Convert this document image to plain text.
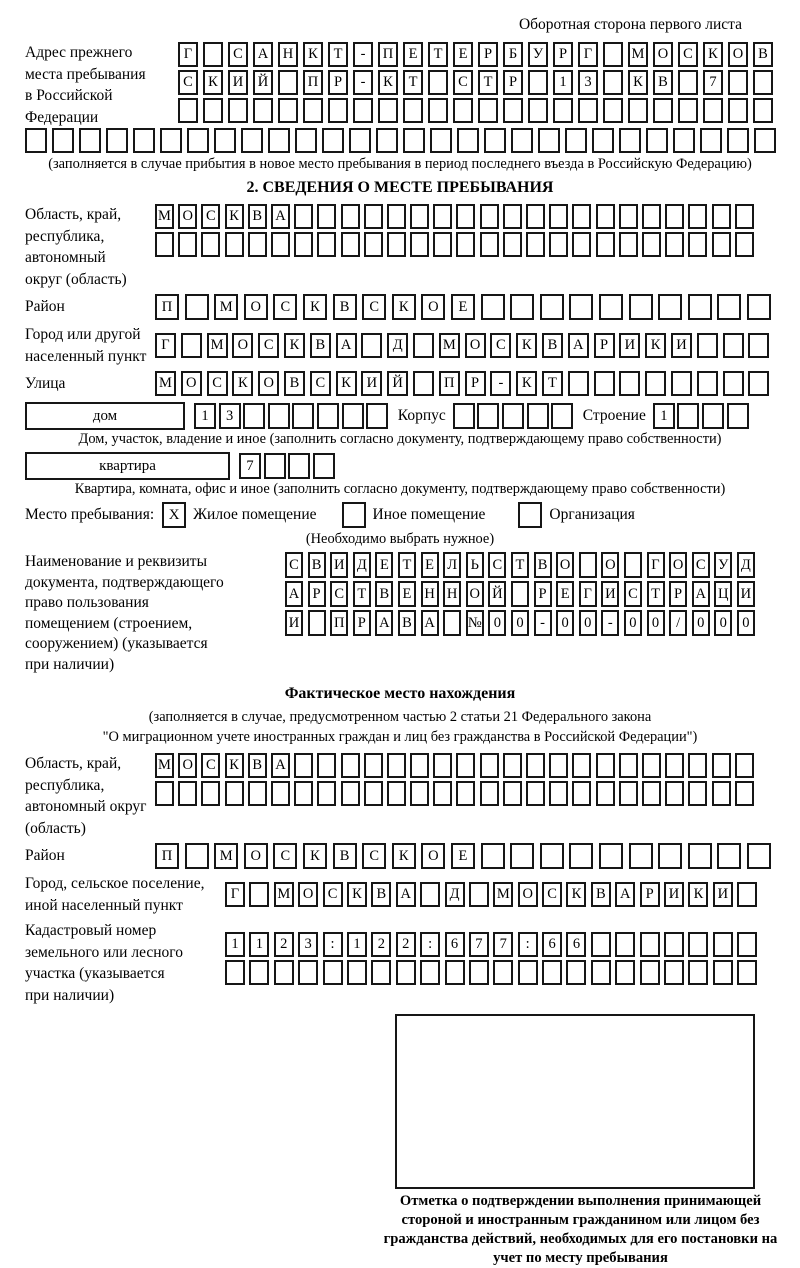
Оборотная сторона первого листа
Адрес прежнего
места пребывания
в Российской
Федерации
Г	С	А	Н	К	Т	-	П	Е	Т	Е	Р	Б	У	Р	Г	М О	С	К	О	В
С	К	И	Й	П	Р	-	К	Т	С	Т	Р	1	3	К	В	7
(заполняется в случае прибытия в новое место пребывания в период последнего въезда в Российскую Федерацию)
2. СВЕДЕНИЯ О МЕСТЕ ПРЕБЫВАНИЯ
Область, край,
республика,
автономный
округ (область)
М О С К В А
Район	П	М	О	С	К	В	С	К	О	Е
Город или другой
населенный пункт
Г	М О	С	К	В	А	Д	М О	С	К	В	А	Р	И	К	И
Улица	М О	С	К	О	В	С	К	И	Й	П	Р	-	К	Т
дом	1	3	Корпус	Строение 1
Дом, участок, владение и иное (заполнить согласно документу, подтверждающему право собственности)
квартира	7
Квартира, комната, офис и иное (заполнить согласно документу, подтверждающему право собственности)
Место пребывания: X Жилое помещение	Иное помещение	Организация
(Необходимо выбрать нужное)
Наименование и реквизиты
документа, подтверждающего
право пользования
помещением (строением,
сооружением) (указывается
при наличии)
С В И Д Е Т Е Л Ь С Т В О О	Г О С У Д
А Р С Т В Е Н Н О Й	Р Е Г И С Т Р А Ц И
И П Р А В А № 0	0	-	0	0	-	0	0	/	0	0	0
Фактическое место нахождения
(заполняется в случае, предусмотренном частью 2 статьи 21 Федерального закона
"О миграционном учете иностранных граждан и лиц без гражданства в Российской Федерации")
Область, край,
республика,
автономный округ
(область)
М О С К В А
Район	П	М	О	С	К	В	С	К	О	Е
Город, сельское поселение,
иной населенный пункт
Г	М О С	К	В А	Д	М О С	К	В А	Р	И К И
Кадастровый номер
земельного или лесного
участка (указывается
при наличии)
1	1	2	3	:	1	2	2	:	6	7	7	:	6	6
Отметка о подтверждении выполнения принимающей стороной и иностранным гражданином или лицом без гражданства действий, необходимых для его постановки на учет по месту пребывания
